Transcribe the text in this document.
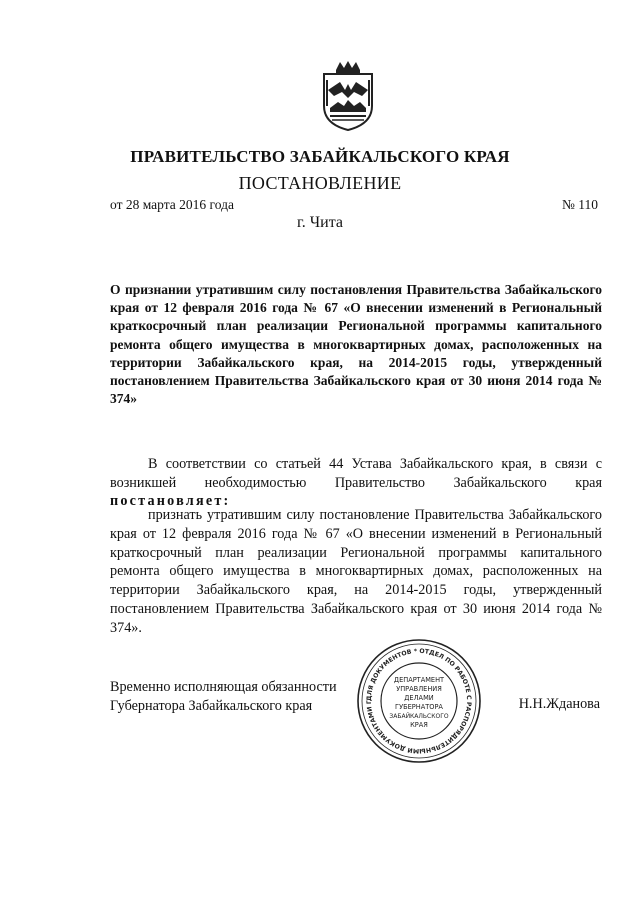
ПРАВИТЕЛЬСТВО ЗАБАЙКАЛЬСКОГО КРАЯ
ПОСТАНОВЛЕНИЕ
от 28 марта 2016 года	№ 110
г. Чита
О признании утратившим силу постановления Правительства Забайкальского края от 12 февраля 2016 года № 67 «О внесении изменений в Региональный краткосрочный план реализации Региональной программы капитального ремонта общего имущества в многоквартирных домах, расположенных на территории Забайкальского края, на 2014-2015 годы, утвержденный постановлением Правительства Забайкальского края от 30 июня 2014 года № 374»
В соответствии со статьей 44 Устава Забайкальского края, в связи с возникшей необходимостью Правительство Забайкальского края постановляет:
признать утратившим силу постановление Правительства Забайкальского края от 12 февраля 2016 года № 67 «О внесении изменений в Региональный краткосрочный план реализации Региональной программы капитального ремонта общего имущества в многоквартирных домах, расположенных на территории Забайкальского края, на 2014-2015 годы, утвержденный постановлением Правительства Забайкальского края от 30 июня 2014 года № 374».
Временно исполняющая обязанности
Губернатора Забайкальского края	Н.Н.Жданова
ДЛЯ ДОКУМЕНТОВ * ОТДЕЛ ПО РАБОТЕ С РАСПОРЯДИТЕЛЬНЫМИ ДОКУМЕНТАМИ Г
ДЕПАРТАМЕНТ
УПРАВЛЕНИЯ
ДЕЛАМИ
ГУБЕРНАТОРА
ЗАБАЙКАЛЬСКОГО
КРАЯ
